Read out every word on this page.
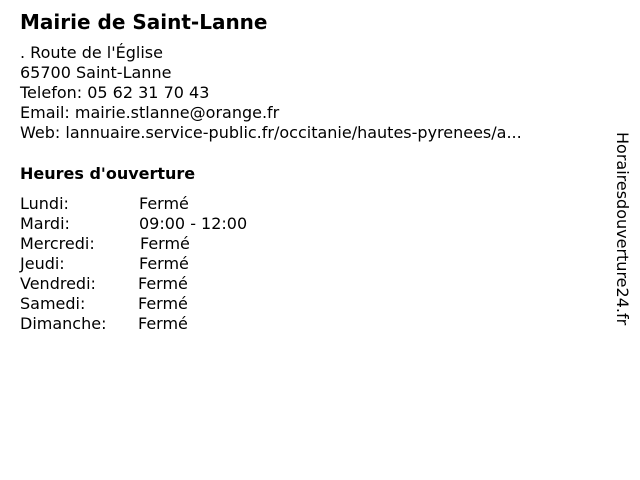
Mairie de Saint-Lanne
. Route de l'Église
65700 Saint-Lanne
Telefon: 05 62 31 70 43
Email: mairie.stlanne@orange.fr
Web: lannuaire.service-public.fr/occitanie/hautes-pyrenees/a...
Heures d'ouverture
Lundi:	Fermé
Mardi:	09:00 - 12:00
Mercredi:	Fermé
Jeudi:	Fermé
Vendredi:	Fermé
Samedi:	Fermé
Dimanche: Fermé	Horairesdouverture24.fr
